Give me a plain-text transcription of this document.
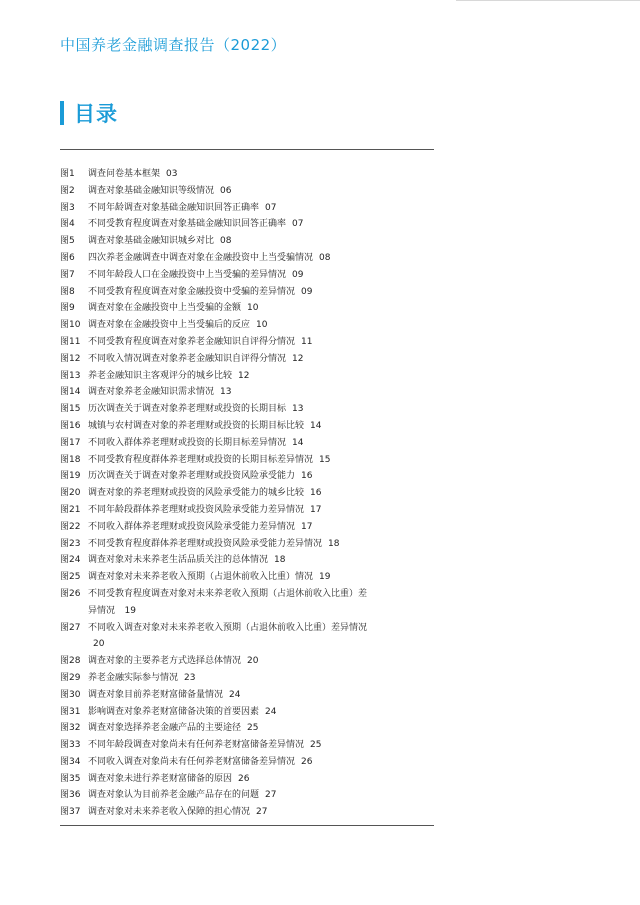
中国养老金融调查报告（2022）
目录
图1	调查问卷基本框架 03
图2	调查对象基础金融知识等级情况 06
图3	不同年龄调查对象基础金融知识回答正确率 07
图4	不同受教育程度调查对象基础金融知识回答正确率 07
图5	调查对象基础金融知识城乡对比 08
图6	四次养老金融调查中调查对象在金融投资中上当受骗情况 08
图7	不同年龄段人口在金融投资中上当受骗的差异情况 09
图8	不同受教育程度调查对象金融投资中受骗的差异情况 09
图9	调查对象在金融投资中上当受骗的金额 10
图10 调查对象在金融投资中上当受骗后的反应 10
图11 不同受教育程度调查对象养老金融知识自评得分情况 11
图12 不同收入情况调查对象养老金融知识自评得分情况 12
图13 养老金融知识主客观评分的城乡比较 12
图14 调查对象养老金融知识需求情况 13
图15 历次调查关于调查对象养老理财或投资的长期目标 13
图16 城镇与农村调查对象的养老理财或投资的长期目标比较 14
图17 不同收入群体养老理财或投资的长期目标差异情况 14
图18 不同受教育程度群体养老理财或投资的长期目标差异情况 15
图19 历次调查关于调查对象养老理财或投资风险承受能力 16
图20 调查对象的养老理财或投资的风险承受能力的城乡比较 16
图21 不同年龄段群体养老理财或投资风险承受能力差异情况 17
图22 不同收入群体养老理财或投资风险承受能力差异情况 17
图23 不同受教育程度群体养老理财或投资风险承受能力差异情况 18
图24 调查对象对未来养老生活品质关注的总体情况 18
图25 调查对象对未来养老收入预期（占退休前收入比重）情况 19
图26 不同受教育程度调查对象对未来养老收入预期（占退休前收入比重）差异情况  19
图27 不同收入调查对象对未来养老收入预期（占退休前收入比重）差异情况 20
图28 调查对象的主要养老方式选择总体情况 20
图29 养老金融实际参与情况 23
图30 调查对象目前养老财富储备量情况 24
图31 影响调查对象养老财富储备决策的首要因素 24
图32 调查对象选择养老金融产品的主要途径 25
图33 不同年龄段调查对象尚未有任何养老财富储备差异情况 25
图34 不同收入调查对象尚未有任何养老财富储备差异情况 26
图35 调查对象未进行养老财富储备的原因 26
图36 调查对象认为目前养老金融产品存在的问题 27
图37 调查对象对未来养老收入保障的担心情况 27
